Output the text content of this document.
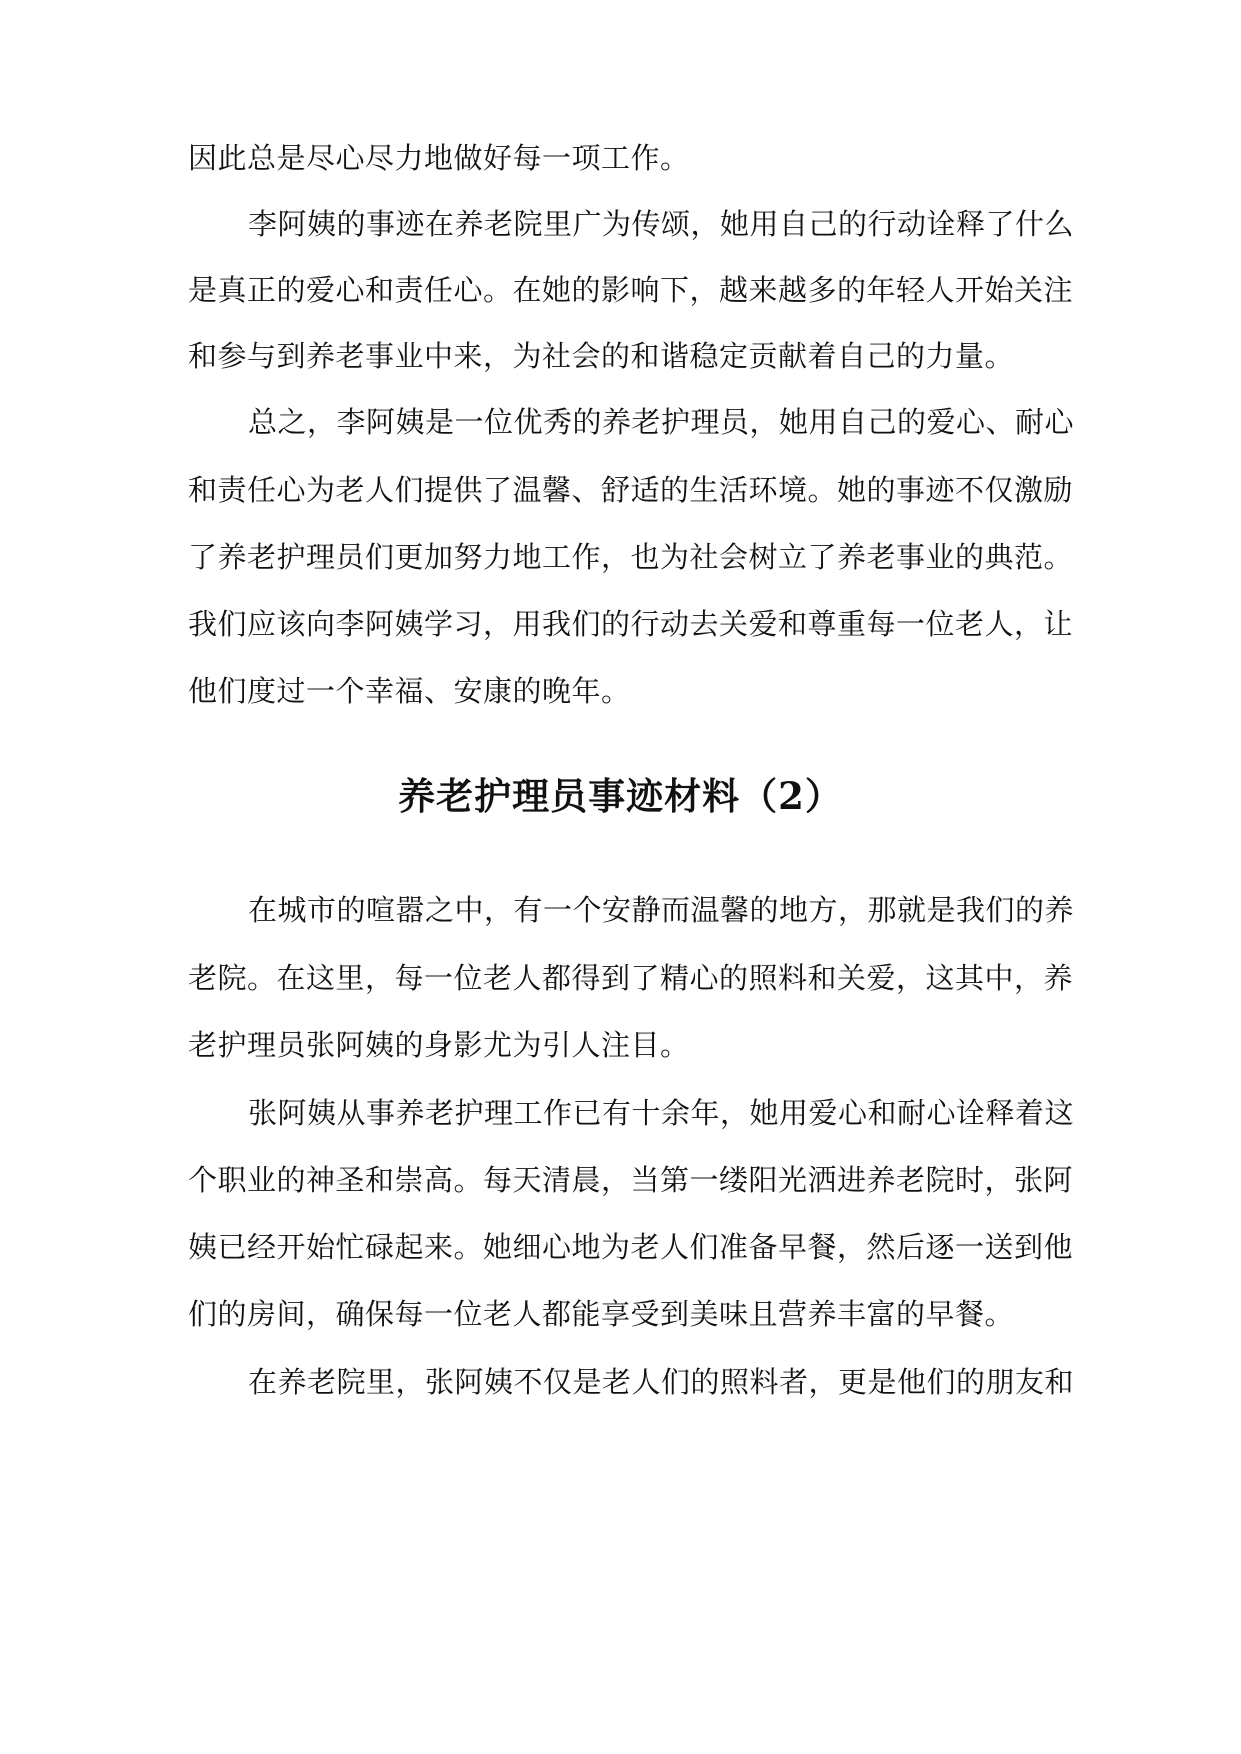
因此总是尽心尽力地做好每一项工作。
李阿姨的事迹在养老院里广为传颂，她用自己的行动诠释了什么
是真正的爱心和责任心。在她的影响下，越来越多的年轻人开始关注
和参与到养老事业中来，为社会的和谐稳定贡献着自己的力量。
总之，李阿姨是一位优秀的养老护理员，她用自己的爱心、耐心
和责任心为老人们提供了温馨、舒适的生活环境。她的事迹不仅激励
了养老护理员们更加努力地工作，也为社会树立了养老事业的典范。
我们应该向李阿姨学习，用我们的行动去关爱和尊重每一位老人，让
他们度过一个幸福、安康的晚年。
养老护理员事迹材料（2）
在城市的喧嚣之中，有一个安静而温馨的地方，那就是我们的养
老院。在这里，每一位老人都得到了精心的照料和关爱，这其中，养
老护理员张阿姨的身影尤为引人注目。
张阿姨从事养老护理工作已有十余年，她用爱心和耐心诠释着这
个职业的神圣和崇高。每天清晨，当第一缕阳光洒进养老院时，张阿
姨已经开始忙碌起来。她细心地为老人们准备早餐，然后逐一送到他
们的房间，确保每一位老人都能享受到美味且营养丰富的早餐。
在养老院里，张阿姨不仅是老人们的照料者，更是他们的朋友和
